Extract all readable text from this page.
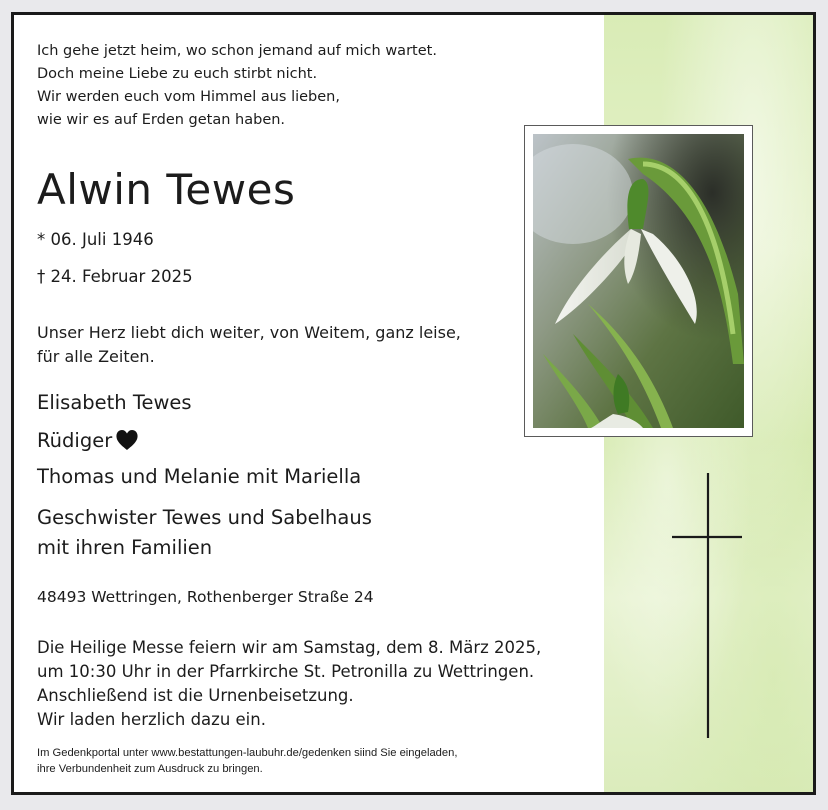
Ich gehe jetzt heim, wo schon jemand auf mich wartet.
Doch meine Liebe zu euch stirbt nicht.
Wir werden euch vom Himmel aus lieben,
wie wir es auf Erden getan haben.
Alwin Tewes
* 06. Juli 1946
† 24. Februar 2025
Unser Herz liebt dich weiter, von Weitem, ganz leise,
für alle Zeiten.
Elisabeth Tewes
Rüdiger
Thomas und Melanie mit Mariella
Geschwister Tewes und Sabelhaus
mit ihren Familien
48493 Wettringen, Rothenberger Straße 24
Die Heilige Messe feiern wir am Samstag, dem 8. März 2025,
um 10:30 Uhr in der Pfarrkirche St. Petronilla zu Wettringen.
Anschließend ist die Urnenbeisetzung.
Wir laden herzlich dazu ein.
Im Gedenkportal unter www.bestattungen-laubuhr.de/gedenken siind Sie eingeladen,
ihre Verbundenheit zum Ausdruck zu bringen.
